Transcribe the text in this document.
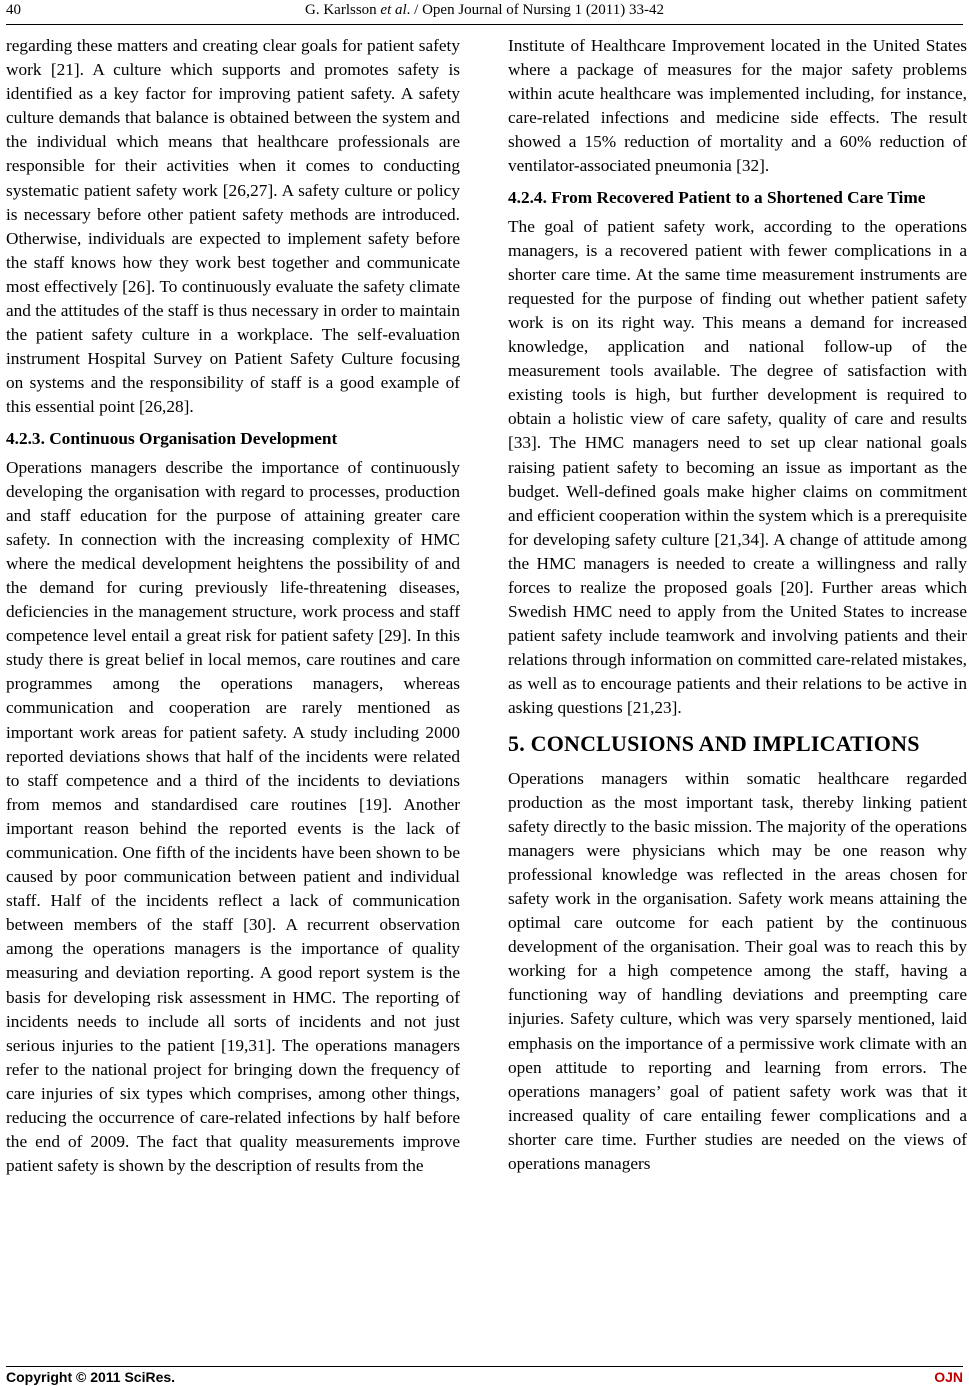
40	G. Karlsson et al. / Open Journal of Nursing 1 (2011) 33-42

regarding these matters and creating clear goals for patient safety work [21]. A culture which supports and promotes safety is identified as a key factor for improving patient safety. A safety culture demands that balance is obtained between the system and the individual which means that healthcare professionals are responsible for their activities when it comes to conducting systematic patient safety work [26,27]. A safety culture or policy is necessary before other patient safety methods are introduced. Otherwise, individuals are expected to implement safety before the staff knows how they work best together and communicate most effectively [26]. To continuously evaluate the safety climate and the attitudes of the staff is thus necessary in order to maintain the patient safety culture in a workplace. The self-evaluation instrument Hospital Survey on Patient Safety Culture focusing on systems and the responsibility of staff is a good example of this essential point [26,28].

4.2.3. Continuous Organisation Development

Operations managers describe the importance of continuously developing the organisation with regard to processes, production and staff education for the purpose of attaining greater care safety. In connection with the increasing complexity of HMC where the medical development heightens the possibility of and the demand for curing previously life-threatening diseases, deficiencies in the management structure, work process and staff competence level entail a great risk for patient safety [29]. In this study there is great belief in local memos, care routines and care programmes among the operations managers, whereas communication and cooperation are rarely mentioned as important work areas for patient safety. A study including 2000 reported deviations shows that half of the incidents were related to staff competence and a third of the incidents to deviations from memos and standardised care routines [19]. Another important reason behind the reported events is the lack of communication. One fifth of the incidents have been shown to be caused by poor communication between patient and individual staff. Half of the incidents reflect a lack of communication between members of the staff [30]. A recurrent observation among the operations managers is the importance of quality measuring and deviation reporting. A good report system is the basis for developing risk assessment in HMC. The reporting of incidents needs to include all sorts of incidents and not just serious injuries to the patient [19,31]. The operations managers refer to the national project for bringing down the frequency of care injuries of six types which comprises, among other things, reducing the occurrence of care-related infections by half before the end of 2009. The fact that quality measurements improve patient safety is shown by the description of results from the

Institute of Healthcare Improvement located in the United States where a package of measures for the major safety problems within acute healthcare was implemented including, for instance, care-related infections and medicine side effects. The result showed a 15% reduction of mortality and a 60% reduction of ventilator-associated pneumonia [32].

4.2.4. From Recovered Patient to a Shortened Care Time

The goal of patient safety work, according to the operations managers, is a recovered patient with fewer complications in a shorter care time. At the same time measurement instruments are requested for the purpose of finding out whether patient safety work is on its right way. This means a demand for increased knowledge, application and national follow-up of the measurement tools available. The degree of satisfaction with existing tools is high, but further development is required to obtain a holistic view of care safety, quality of care and results [33]. The HMC managers need to set up clear national goals raising patient safety to becoming an issue as important as the budget. Well-defined goals make higher claims on commitment and efficient cooperation within the system which is a prerequisite for developing safety culture [21,34]. A change of attitude among the HMC managers is needed to create a willingness and rally forces to realize the proposed goals [20]. Further areas which Swedish HMC need to apply from the United States to increase patient safety include teamwork and involving patients and their relations through information on committed care-related mistakes, as well as to encourage patients and their relations to be active in asking questions [21,23].

5. CONCLUSIONS AND IMPLICATIONS

Operations managers within somatic healthcare regarded production as the most important task, thereby linking patient safety directly to the basic mission. The majority of the operations managers were physicians which may be one reason why professional knowledge was reflected in the areas chosen for safety work in the organisation. Safety work means attaining the optimal care outcome for each patient by the continuous development of the organisation. Their goal was to reach this by working for a high competence among the staff, having a functioning way of handling deviations and preempting care injuries. Safety culture, which was very sparsely mentioned, laid emphasis on the importance of a permissive work climate with an open attitude to reporting and learning from errors. The operations managers’ goal of patient safety work was that it increased quality of care entailing fewer complications and a shorter care time. Further studies are needed on the views of operations managers

Copyright © 2011 SciRes.	OJN
